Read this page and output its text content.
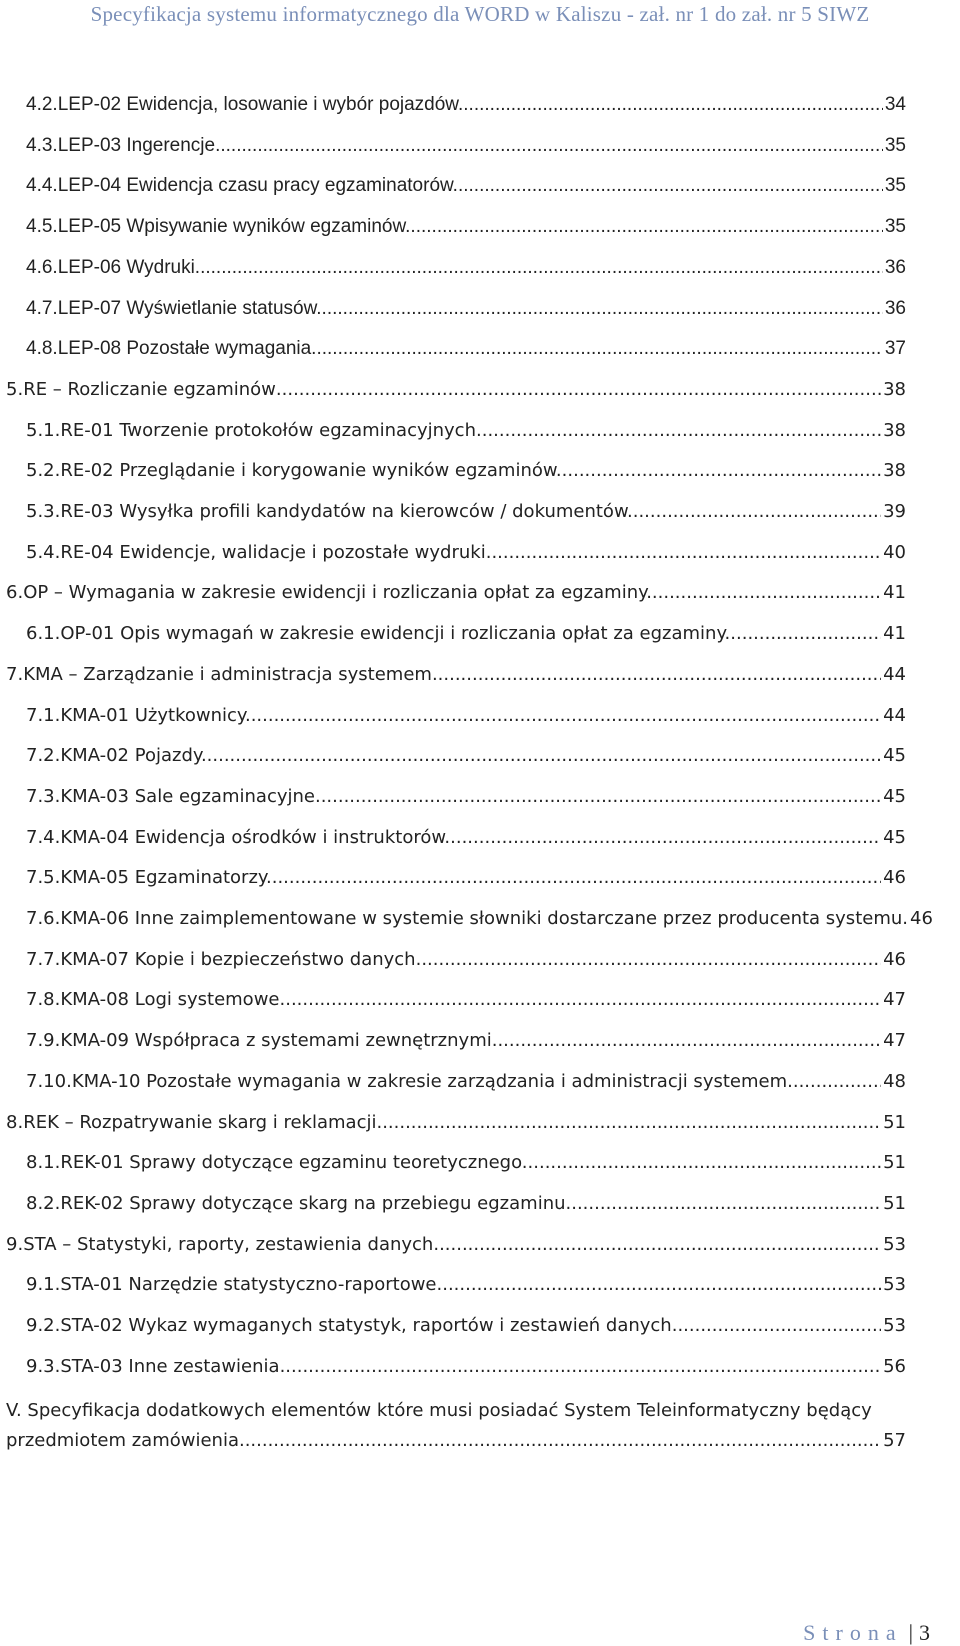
Specyfikacja systemu informatycznego dla WORD w Kaliszu - zał. nr 1 do zał. nr 5 SIWZ
4.2. LEP-02 Ewidencja, losowanie i wybór pojazdów. .....	34
4.3. LEP-03 Ingerencje. .....	35
4.4. LEP-04 Ewidencja czasu pracy egzaminatorów. .....	35
4.5. LEP-05 Wpisywanie wyników egzaminów. .....	35
4.6. LEP-06 Wydruki. .....	36
4.7. LEP-07 Wyświetlanie statusów. .....	36
4.8. LEP-08 Pozostałe wymagania. .....	37
5. RE – Rozliczanie egzaminów .....	38
5.1. RE-01 Tworzenie protokołów egzaminacyjnych. .....	38
5.2. RE-02 Przeglądanie i korygowanie wyników egzaminów. .....	38
5.3. RE-03 Wysyłka profili kandydatów na kierowców / dokumentów. .....	39
5.4. RE-04 Ewidencje, walidacje i pozostałe wydruki. .....	40
6. OP – Wymagania w zakresie ewidencji i rozliczania opłat za egzaminy. .....	41
6.1. OP-01 Opis wymagań w zakresie ewidencji i rozliczania opłat za egzaminy. .....	41
7. KMA – Zarządzanie i administracja systemem. .....	44
7.1. KMA-01 Użytkownicy. .....	44
7.2. KMA-02 Pojazdy. .....	45
7.3. KMA-03 Sale egzaminacyjne. .....	45
7.4. KMA-04 Ewidencja ośrodków i instruktorów. .....	45
7.5. KMA-05 Egzaminatorzy. .....	46
7.6. KMA-06 Inne zaimplementowane w systemie słowniki dostarczane przez producenta systemu. 46
7.7. KMA-07 Kopie i bezpieczeństwo danych. .....	46
7.8. KMA-08 Logi systemowe. .....	47
7.9. KMA-09 Współpraca z systemami zewnętrznymi. .....	47
7.10. KMA-10 Pozostałe wymagania w zakresie zarządzania i administracji systemem. .....	48
8. REK – Rozpatrywanie skarg i reklamacji. .....	51
8.1. REK-01 Sprawy dotyczące egzaminu teoretycznego. .....	51
8.2. REK-02 Sprawy dotyczące skarg na przebiegu egzaminu. .....	51
9. STA – Statystyki, raporty, zestawienia danych. .....	53
9.1. STA-01 Narzędzie statystyczno-raportowe. .....	53
9.2. STA-02 Wykaz wymaganych statystyk, raportów i zestawień danych. .....	53
9.3. STA-03 Inne zestawienia. .....	56
V. Specyfikacja dodatkowych elementów które musi posiadać System Teleinformatyczny będący
przedmiotem zamówienia. .....	57
Strona | 3
